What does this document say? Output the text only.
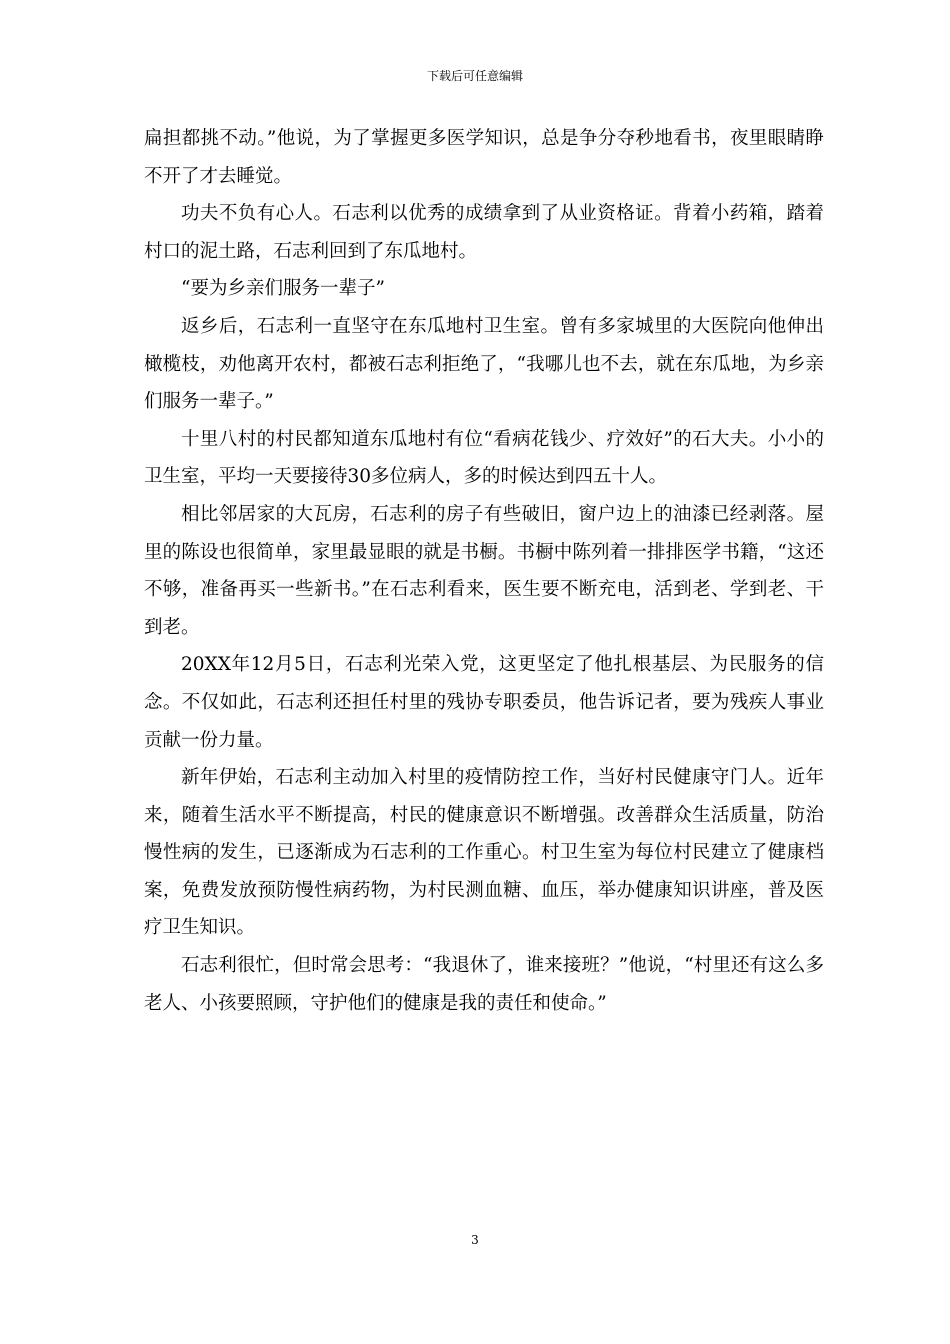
下载后可任意编辑

扁担都挑不动。”他说，为了掌握更多医学知识，总是争分夺秒地看书，夜里眼睛睁不开了才去睡觉。

功夫不负有心人。石志利以优秀的成绩拿到了从业资格证。背着小药箱，踏着村口的泥土路，石志利回到了东瓜地村。

“要为乡亲们服务一辈子”

返乡后，石志利一直坚守在东瓜地村卫生室。曾有多家城里的大医院向他伸出橄榄枝，劝他离开农村，都被石志利拒绝了，“我哪儿也不去，就在东瓜地，为乡亲们服务一辈子。”

十里八村的村民都知道东瓜地村有位“看病花钱少、疗效好”的石大夫。小小的卫生室，平均一天要接待30多位病人，多的时候达到四五十人。

相比邻居家的大瓦房，石志利的房子有些破旧，窗户边上的油漆已经剥落。屋里的陈设也很简单，家里最显眼的就是书橱。书橱中陈列着一排排医学书籍，“这还不够，准备再买一些新书。”在石志利看来，医生要不断充电，活到老、学到老、干到老。

20XX年12月5日，石志利光荣入党，这更坚定了他扎根基层、为民服务的信念。不仅如此，石志利还担任村里的残协专职委员，他告诉记者，要为残疾人事业贡献一份力量。

新年伊始，石志利主动加入村里的疫情防控工作，当好村民健康守门人。近年来，随着生活水平不断提高，村民的健康意识不断增强。改善群众生活质量，防治慢性病的发生，已逐渐成为石志利的工作重心。村卫生室为每位村民建立了健康档案，免费发放预防慢性病药物，为村民测血糖、血压，举办健康知识讲座，普及医疗卫生知识。

石志利很忙，但时常会思考：“我退休了，谁来接班？”他说，“村里还有这么多老人、小孩要照顾，守护他们的健康是我的责任和使命。”

3
